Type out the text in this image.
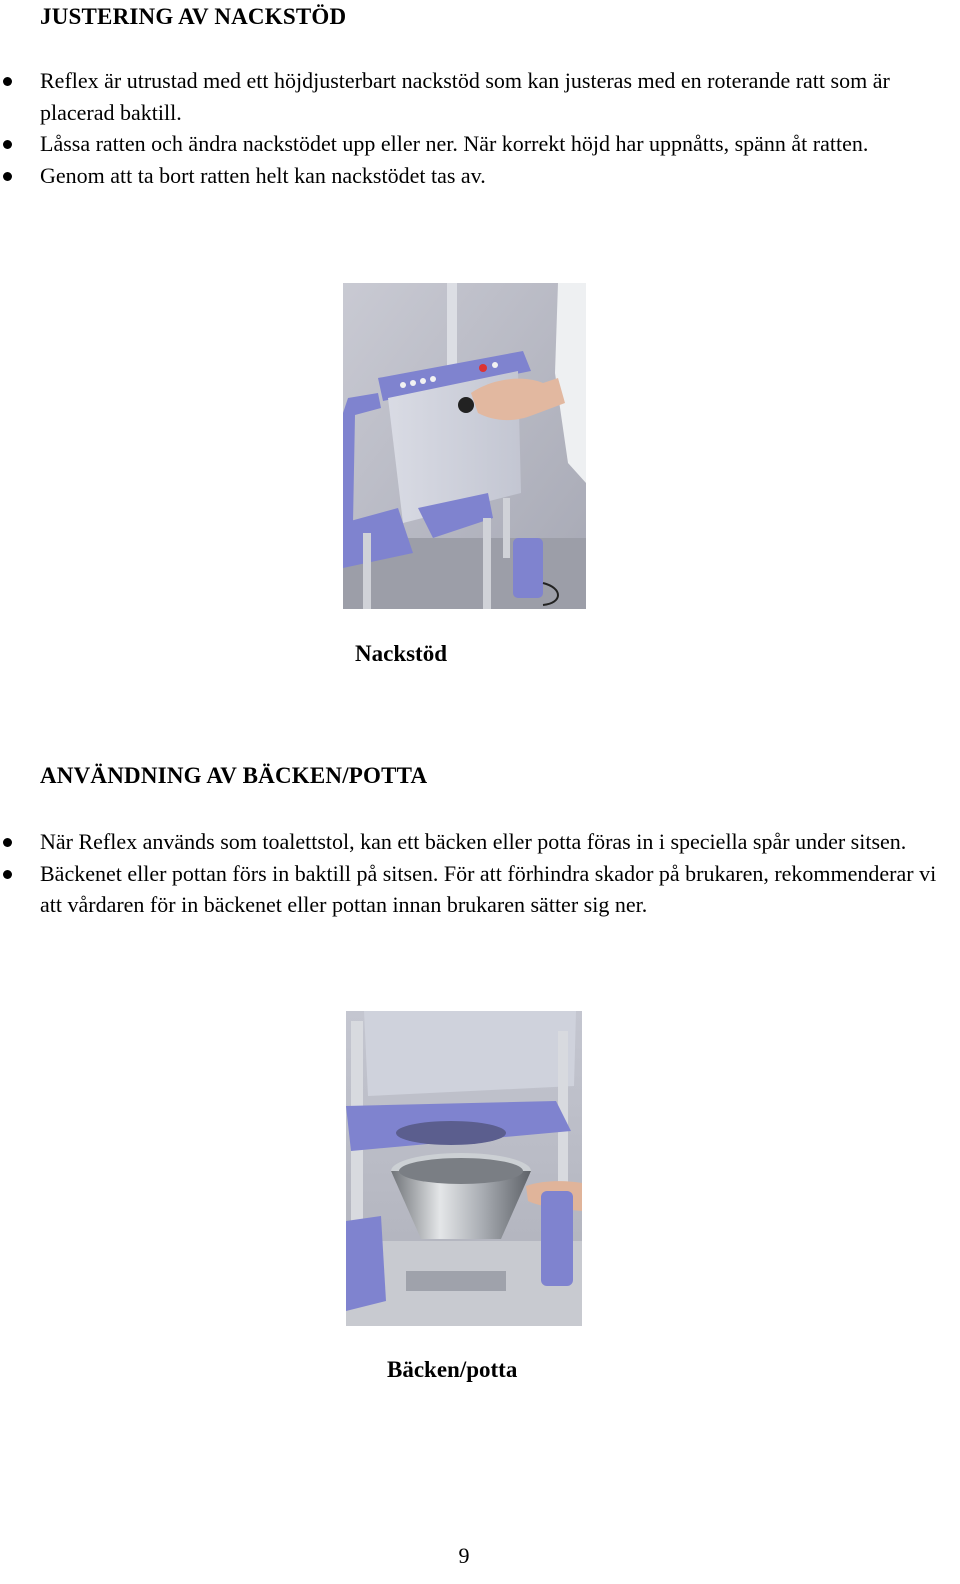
JUSTERING AV NACKSTÖD
Reflex är utrustad med ett höjdjusterbart nackstöd som kan justeras med en roterande ratt som är placerad baktill.
Låssa ratten och ändra nackstödet upp eller ner. När korrekt höjd har uppnåtts, spänn åt ratten.
Genom att ta bort ratten helt kan nackstödet tas av.

Nackstöd

ANVÄNDNING AV BÄCKEN/POTTA
När Reflex används som toalettstol, kan ett bäcken eller potta föras in i speciella spår under sitsen.
Bäckenet eller pottan förs in baktill på sitsen. För att förhindra skador på brukaren, rekommenderar vi att vårdaren för in bäckenet eller pottan innan brukaren sätter sig ner.

Bäcken/potta

9
